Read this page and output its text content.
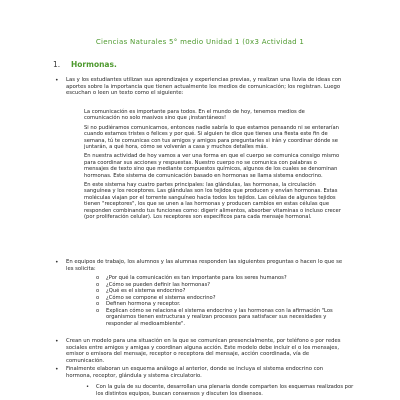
Ciencias Naturales 5° medio Unidad 1 (0x3 Actividad 1
1. Hormonas.
• Las y los estudiantes utilizan sus aprendizajes y experiencias previas, y realizan una lluvia de ideas con aportes sobre la importancia que tienen actualmente los medios de comunicación; los registran. Luego escuchan o leen un texto como el siguiente:

La comunicación es importante para todos. En el mundo de hoy, tenemos medios de comunicación no solo masivos sino que ¡instantáneos!

Si no pudiéramos comunicarnos, entonces nadie sabría lo que estamos pensando ni se enterarían cuando estamos tristes o felices y por qué. Si alguien te dice que tienes una fiesta este fin de semana, tú te comunicas con tus amigos y amigos para preguntarles si irán y coordinar dónde se juntarán, a qué hora, cómo se volverán a casa y muchos detalles más.

En nuestra actividad de hoy vamos a ver una forma en que el cuerpo se comunica consigo mismo para coordinar sus acciones y respuestas. Nuestro cuerpo no se comunica con palabras o mensajes de texto sino que mediante compuestos químicos, algunos de los cuales se denominan hormonas. Este sistema de comunicación basado en hormonas se llama sistema endocrino.

En este sistema hay cuatro partes principales: las glándulas, las hormonas, la circulación sanguínea y los receptores. Las glándulas son los tejidos que producen y envían hormonas. Estas moléculas viajan por el torrente sanguíneo hacia todos los tejidos. Las células de algunos tejidos tienen "receptores", los que se unen a las hormonas y producen cambios en estas células que responden combinando tus funciones como: digerir alimentos, absorber vitaminas o incluso crecer (por proliferación celular). Los receptores son específicos para cada mensaje hormonal.

• En equipos de trabajo, los alumnos y las alumnas responden las siguientes preguntas o hacen lo que se les solicita:

o ¿Por qué la comunicación es tan importante para los seres humanos?
o ¿Cómo se pueden definir las hormonas?
o ¿Qué es el sistema endocrino?
o ¿Cómo se compone el sistema endocrino?
o Definen hormona y receptor.
o Explican cómo se relaciona el sistema endocrino y las hormonas con la afirmación "Los organismos tienen estructuras y realizan procesos para satisfacer sus necesidades y responder al medioambiente".
• Crean un modelo para una situación en la que se comunican presencialmente, por teléfono o por redes sociales entre amigos y amigas y coordinan alguna acción. Este modelo debe incluir el o los mensajes, emisor o emisora del mensaje, receptor o receptora del mensaje, acción coordinada, vía de comunicación.

• Finalmente elaboran un esquema análogo al anterior, donde se incluya el sistema endocrino con hormona, receptor, glándula y sistema circulatorio.

• Con la guía de su docente, desarrollan una plenaria donde comparten los esquemas realizados por los distintos equipos, buscan consensos y discuten los disensos.
